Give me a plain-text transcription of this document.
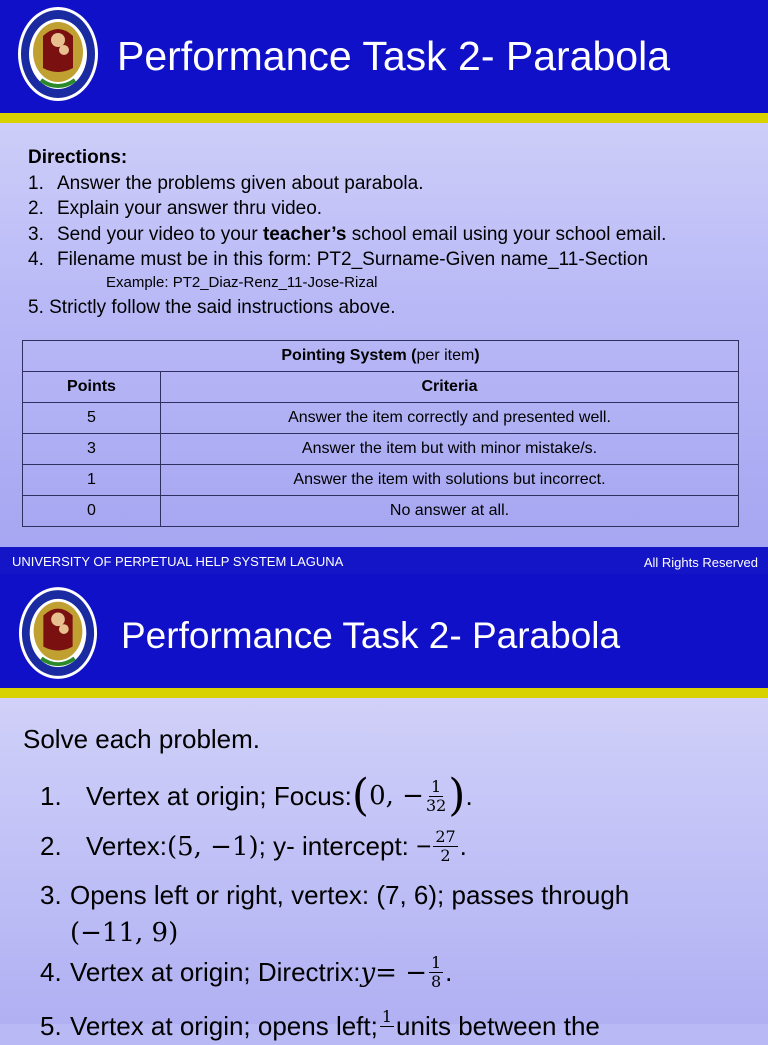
Performance Task 2- Parabola
Directions:
1. Answer the problems given about parabola.
2. Explain your answer thru video.
3. Send your video to your teacher’s school email using your school email.
4. Filename must be in this form: PT2_Surname-Given name_11-Section
Example: PT2_Diaz-Renz_11-Jose-Rizal
5. Strictly follow the said instructions above.
Pointing System (per item)	
Points	Criteria
5	Answer the item correctly and presented well.
3	Answer the item but with minor mistake/s.
1	Answer the item with solutions but incorrect.
0	No answer at all.
UNIVERSITY OF PERPETUAL HELP SYSTEM LAGUNA	All Rights Reserved
Performance Task 2- Parabola
Solve each problem.
1. Vertex at origin; Focus: ( 0, − $\frac{1}{32}$ ) .
2. Vertex: (5, −1) ; y- intercept: − $\frac{27}{2}$ .
3. Opens left or right, vertex: (7, 6); passes through
(−11, 9)
4. Vertex at origin; Directrix: y = − $\frac{1}{8}$ .
5. Vertex at origin; opens left; 1
units between the
